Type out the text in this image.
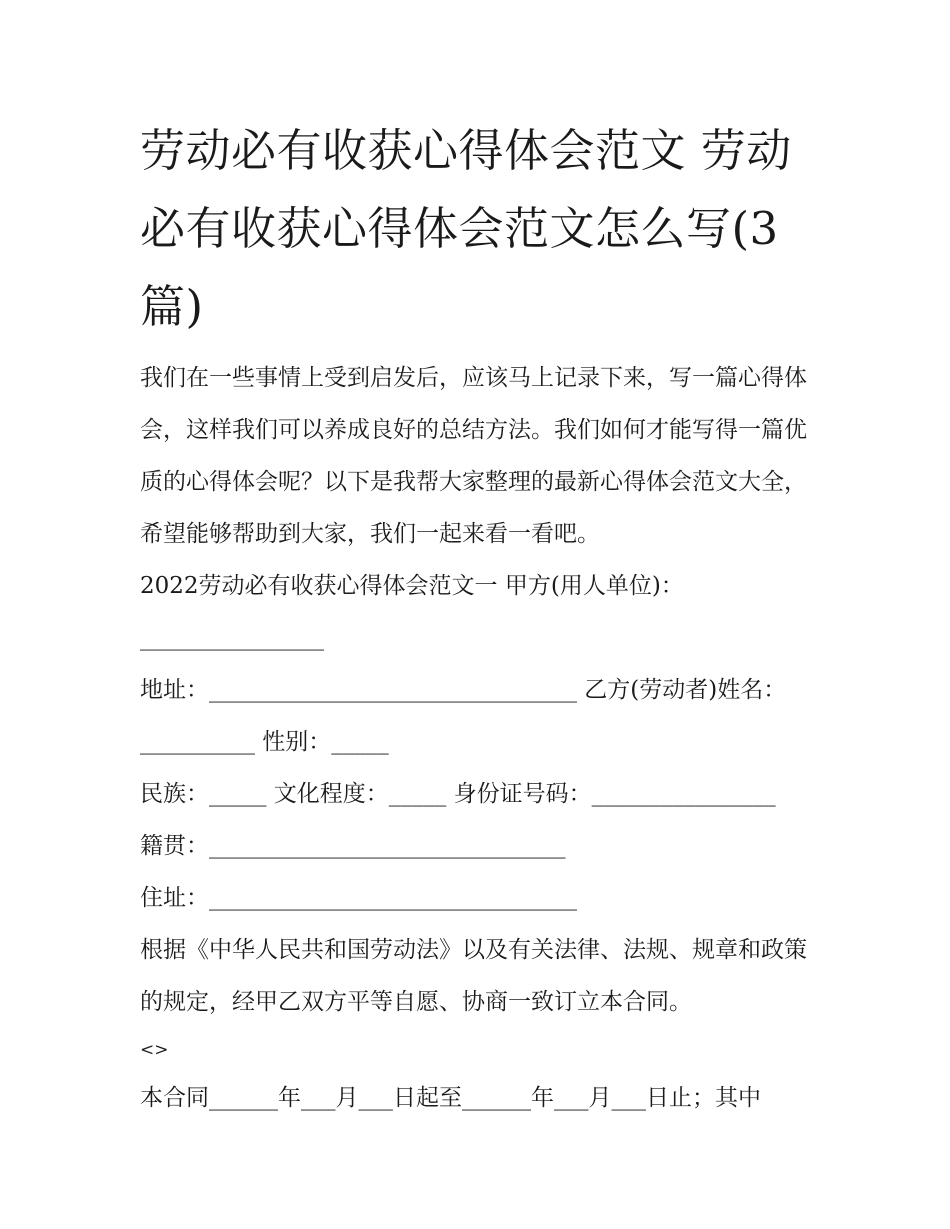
劳动必有收获心得体会范文 劳动必有收获心得体会范文怎么写(3篇)

我们在一些事情上受到启发后，应该马上记录下来，写一篇心得体会，这样我们可以养成良好的总结方法。我们如何才能写得一篇优质的心得体会呢？以下是我帮大家整理的最新心得体会范文大全，希望能够帮助到大家，我们一起来看一看吧。

2022劳动必有收获心得体会范文一 甲方(用人单位)：

________________

地址：________________________________ 乙方(劳动者)姓名：

__________ 性别：_____

民族：_____ 文化程度：_____ 身份证号码：________________

籍贯：_______________________________

住址：________________________________

根据《中华人民共和国劳动法》以及有关法律、法规、规章和政策的规定，经甲乙双方平等自愿、协商一致订立本合同。

<>

本合同______年___月___日起至______年___月___日止；其中
